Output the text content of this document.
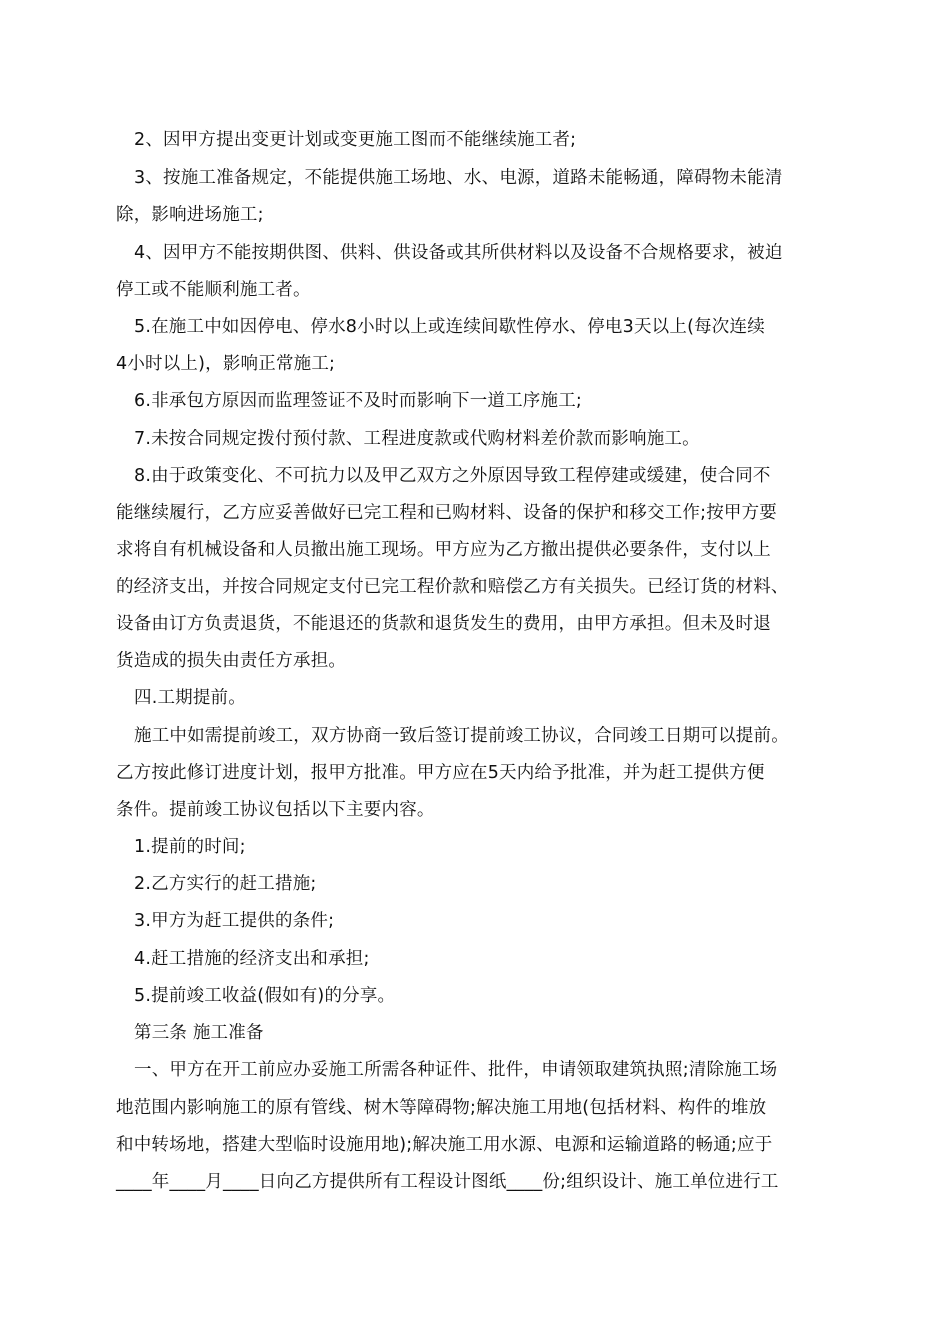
2、因甲方提出变更计划或变更施工图而不能继续施工者;
3、按施工准备规定，不能提供施工场地、水、电源，道路未能畅通，障碍物未能清
除，影响进场施工;
4、因甲方不能按期供图、供料、供设备或其所供材料以及设备不合规格要求，被迫
停工或不能顺利施工者。
5.在施工中如因停电、停水8小时以上或连续间歇性停水、停电3天以上(每次连续
4小时以上)，影响正常施工;
6.非承包方原因而监理签证不及时而影响下一道工序施工;
7.未按合同规定拨付预付款、工程进度款或代购材料差价款而影响施工。
8.由于政策变化、不可抗力以及甲乙双方之外原因导致工程停建或缓建，使合同不
能继续履行，乙方应妥善做好已完工程和已购材料、设备的保护和移交工作;按甲方要
求将自有机械设备和人员撤出施工现场。甲方应为乙方撤出提供必要条件，支付以上
的经济支出，并按合同规定支付已完工程价款和赔偿乙方有关损失。已经订货的材料、
设备由订方负责退货，不能退还的货款和退货发生的费用，由甲方承担。但未及时退
货造成的损失由责任方承担。
四.工期提前。
施工中如需提前竣工，双方协商一致后签订提前竣工协议，合同竣工日期可以提前。
乙方按此修订进度计划，报甲方批准。甲方应在5天内给予批准，并为赶工提供方便
条件。提前竣工协议包括以下主要内容。
1.提前的时间;
2.乙方实行的赶工措施;
3.甲方为赶工提供的条件;
4.赶工措施的经济支出和承担;
5.提前竣工收益(假如有)的分享。
第三条 施工准备
一、甲方在开工前应办妥施工所需各种证件、批件，申请领取建筑执照;清除施工场
地范围内影响施工的原有管线、树木等障碍物;解决施工用地(包括材料、构件的堆放
和中转场地，搭建大型临时设施用地);解决施工用水源、电源和运输道路的畅通;应于
____年____月____日向乙方提供所有工程设计图纸____份;组织设计、施工单位进行工
